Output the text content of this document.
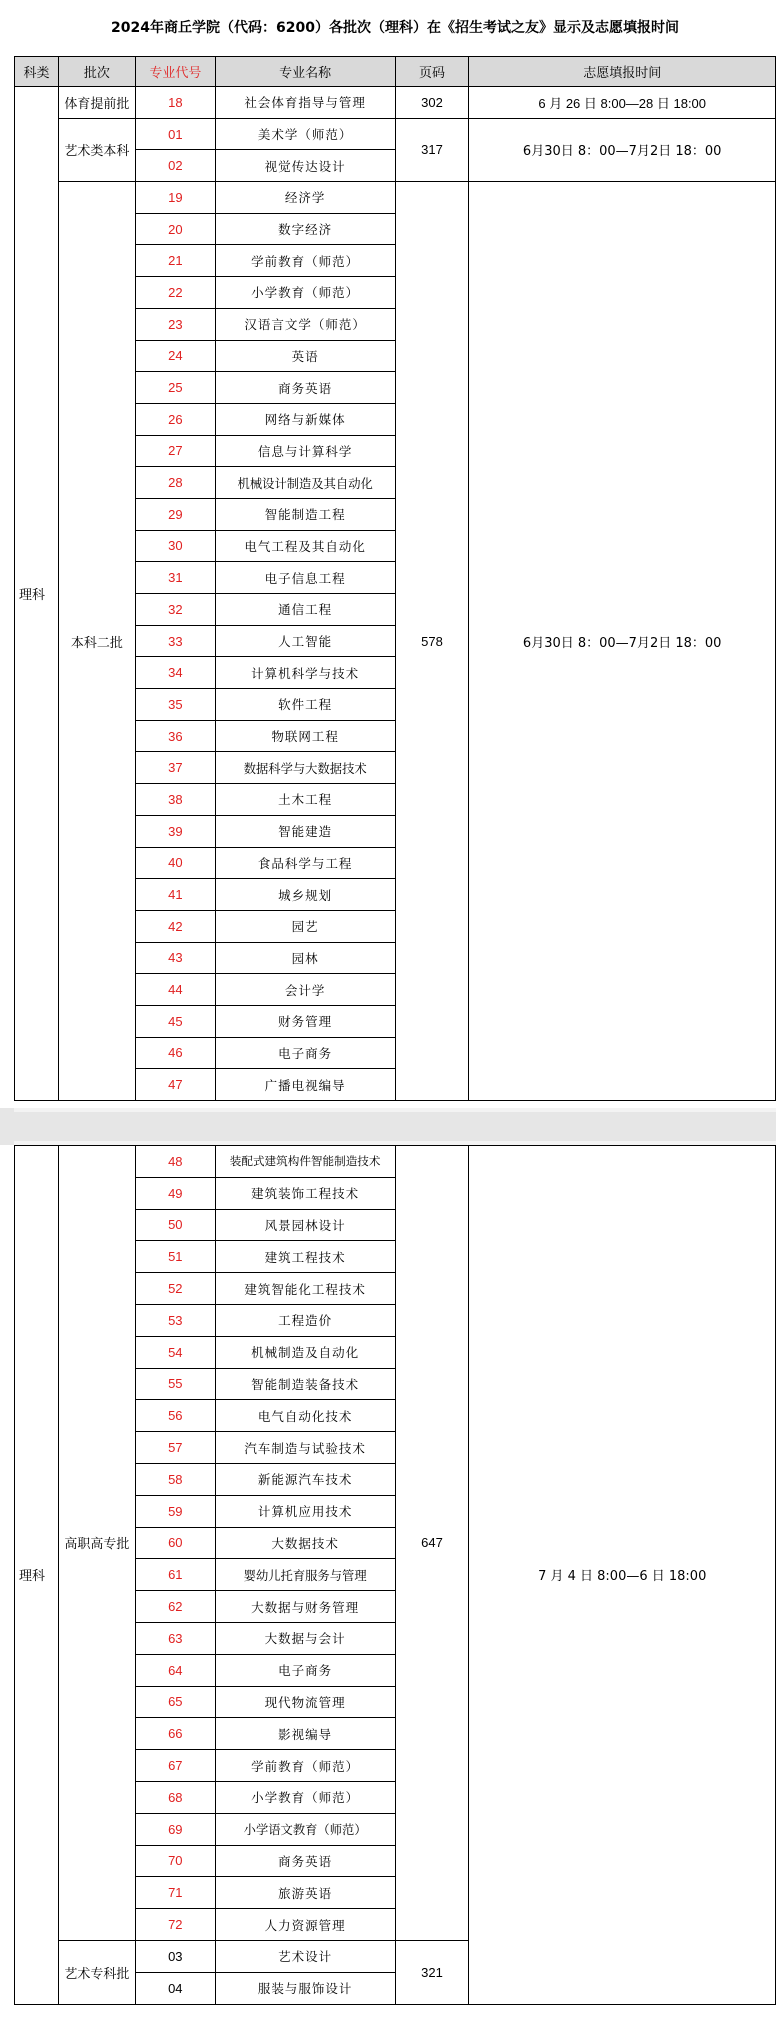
2024年商丘学院（代码：6200）各批次（理科）在《招生考试之友》显示及志愿填报时间
科类	批次	专业代号	专业名称	页码	志愿填报时间
理科	体育提前批	18	社会体育指导与管理	302	6 月 26 日 8:00—28 日 18:00
	艺术类本科	01	美术学（师范）	317	6月30日 8：00—7月2日 18：00
		02	视觉传达设计		
	本科二批	19	经济学	578	6月30日 8：00—7月2日 18：00
		20	数字经济		
		21	学前教育（师范）		
		22	小学教育（师范）		
		23	汉语言文学（师范）		
		24	英语		
		25	商务英语		
		26	网络与新媒体		
		27	信息与计算科学		
		28	机械设计制造及其自动化		
		29	智能制造工程		
		30	电气工程及其自动化		
		31	电子信息工程		
		32	通信工程		
		33	人工智能		
		34	计算机科学与技术		
		35	软件工程		
		36	物联网工程		
		37	数据科学与大数据技术		
		38	土木工程		
		39	智能建造		
		40	食品科学与工程		
		41	城乡规划		
		42	园艺		
		43	园林		
		44	会计学		
		45	财务管理		
		46	电子商务		
		47	广播电视编导		
理科	高职高专批	48	装配式建筑构件智能制造技术	647	7 月 4 日 8:00—6 日 18:00
		49	建筑装饰工程技术		
		50	风景园林设计		
		51	建筑工程技术		
		52	建筑智能化工程技术		
		53	工程造价		
		54	机械制造及自动化		
		55	智能制造装备技术		
		56	电气自动化技术		
		57	汽车制造与试验技术		
		58	新能源汽车技术		
		59	计算机应用技术		
		60	大数据技术		
		61	婴幼儿托育服务与管理		
		62	大数据与财务管理		
		63	大数据与会计		
		64	电子商务		
		65	现代物流管理		
		66	影视编导		
		67	学前教育（师范）		
		68	小学教育（师范）		
		69	小学语文教育（师范）		
		70	商务英语		
		71	旅游英语		
		72	人力资源管理		
	艺术专科批	03	艺术设计	321	
		04	服装与服饰设计		
